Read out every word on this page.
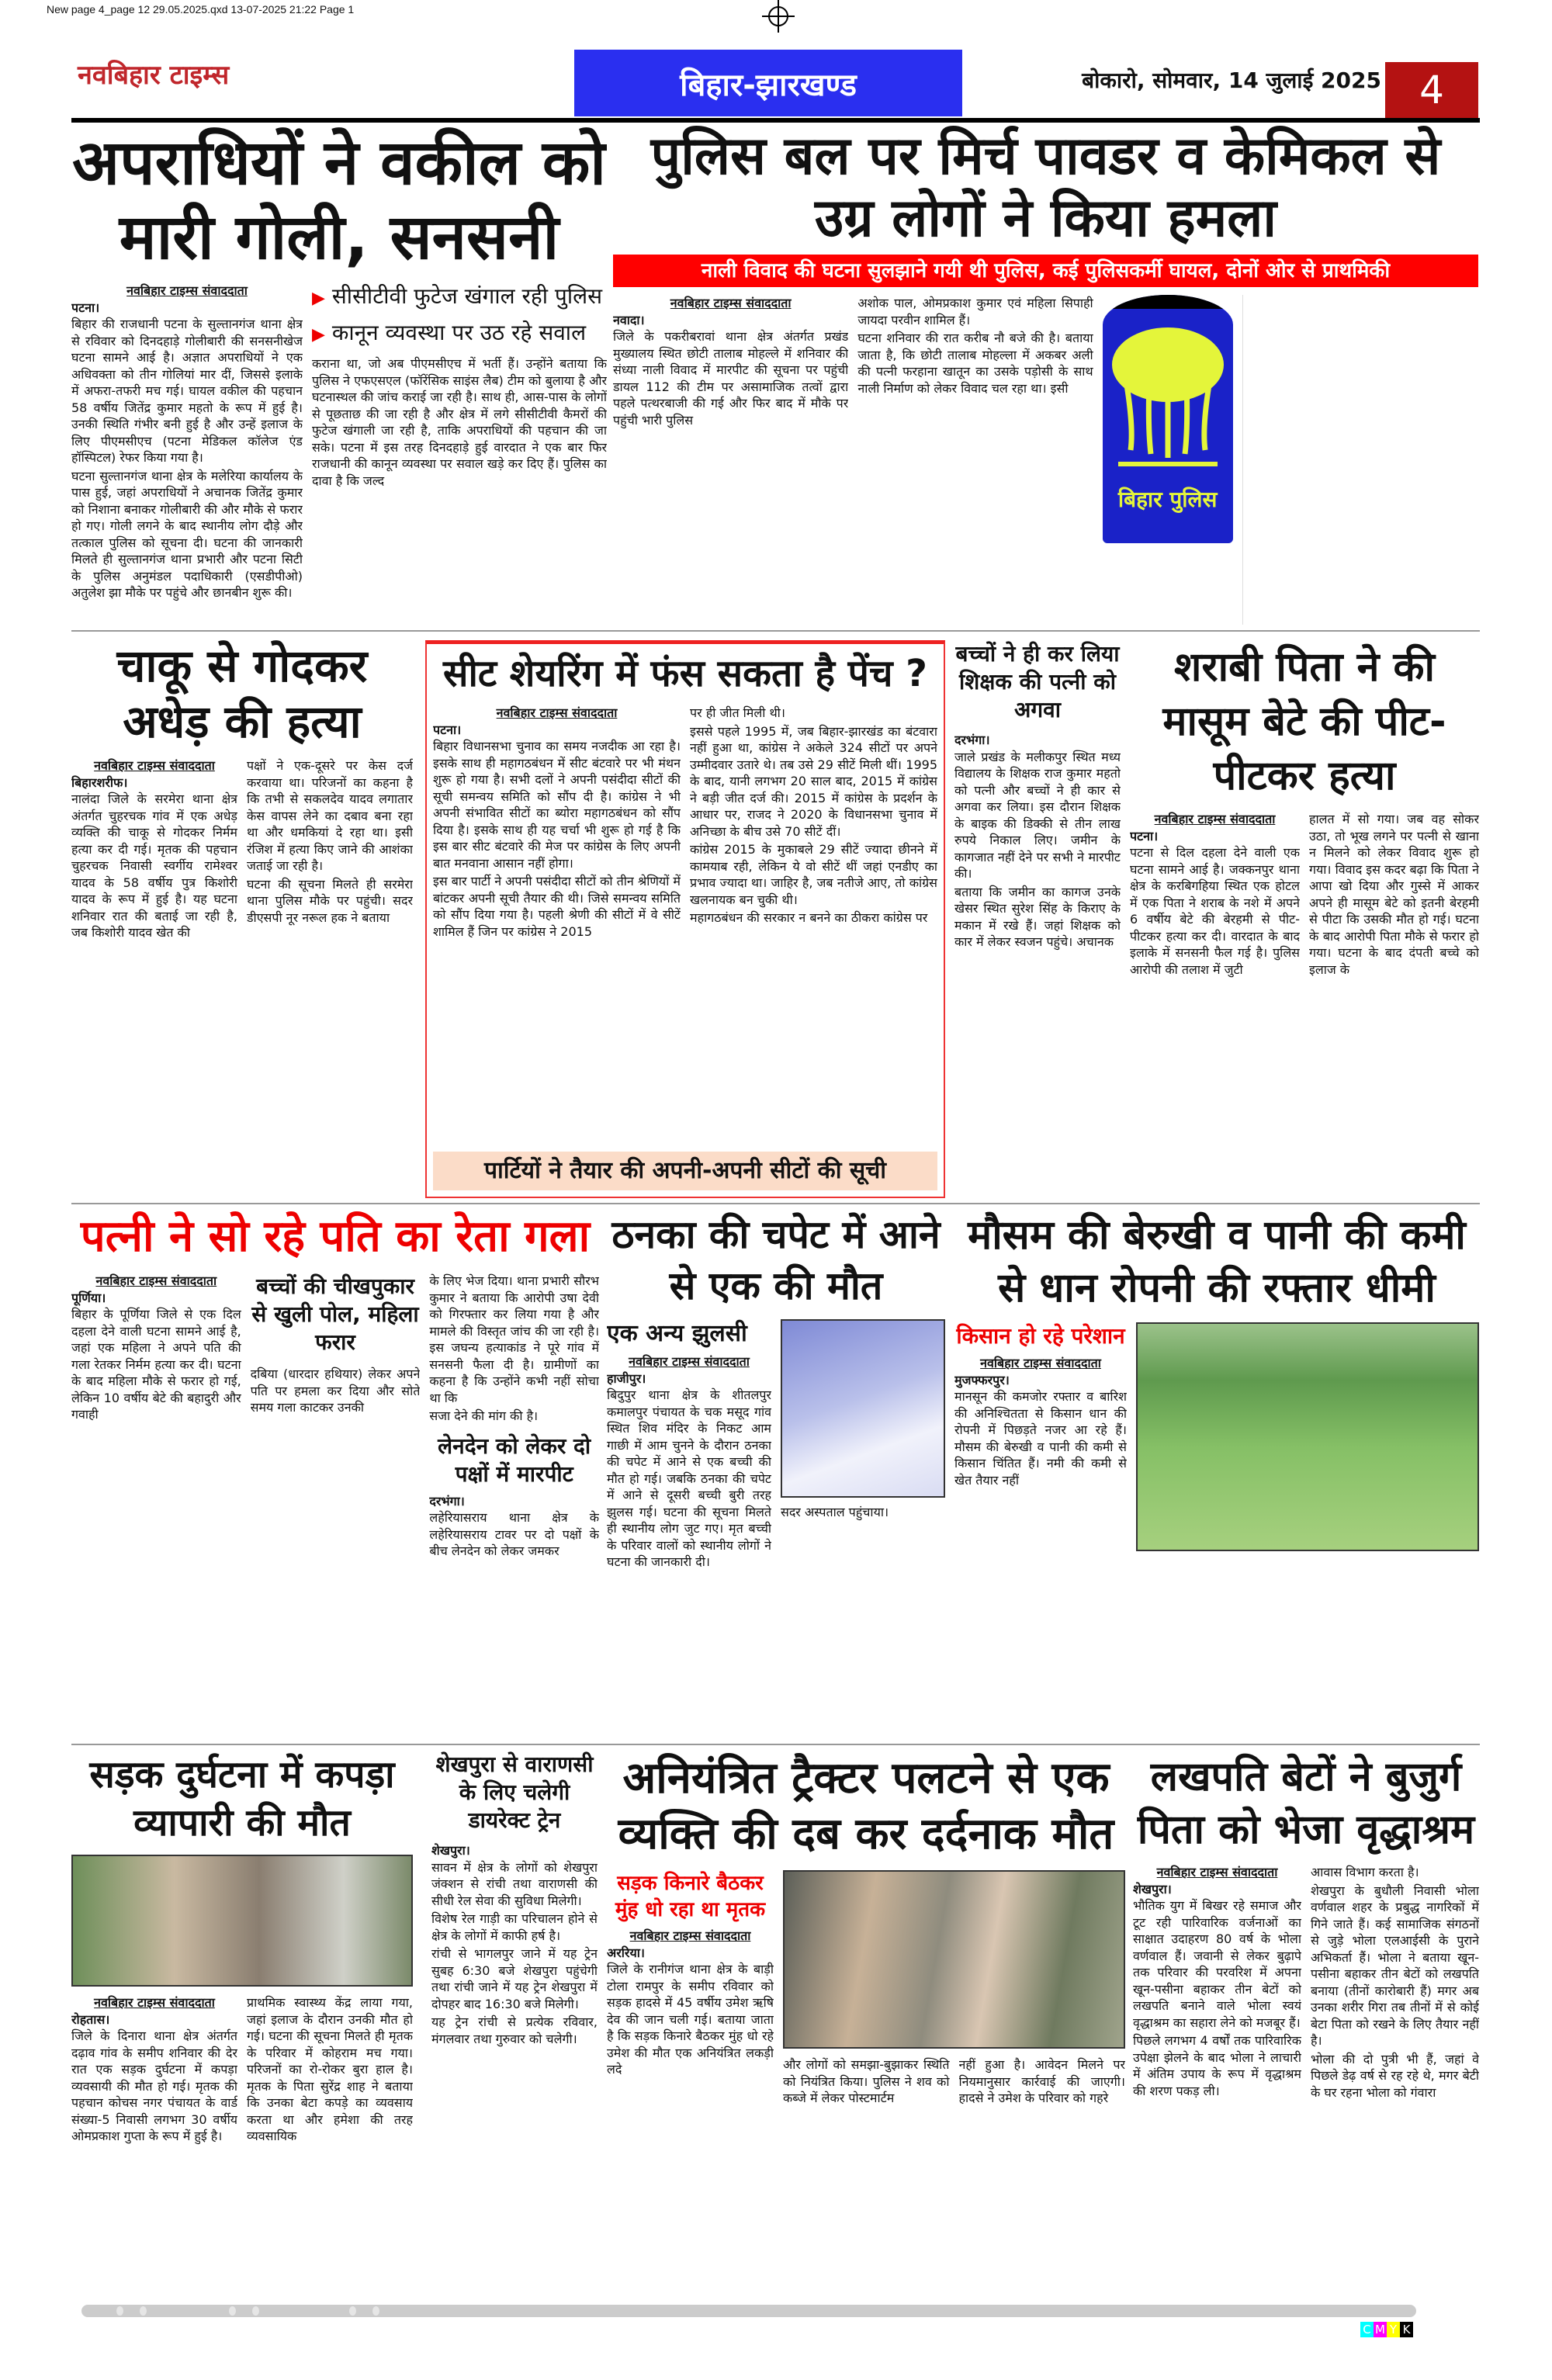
New page 4_page 12 29.05.2025.qxd 13-07-2025 21:22 Page 1
नवबिहार टाइम्स	बिहार-झारखण्ड	बोकारो, सोमवार, 14 जुलाई 2025 4
अपराधियों ने वकील को मारी गोली, सनसनी
नवबिहार टाइम्स संवाददाता
पटना।

बिहार की राजधानी पटना के सुल्तानगंज थाना क्षेत्र से रविवार को दिनदहाड़े गोलीबारी की सनसनीखेज घटना सामने आई है। अज्ञात अपराधियों ने एक अधिवक्ता को तीन गोलियां मार दीं, जिससे इलाके में अफरा-तफरी मच गई। घायल वकील की पहचान 58 वर्षीय जितेंद्र कुमार महतो के रूप में हुई है। उनकी स्थिति गंभीर बनी हुई है और उन्हें इलाज के लिए पीएमसीएच (पटना मेडिकल कॉलेज एंड हॉस्पिटल) रेफर किया गया है।

घटना सुल्तानगंज थाना क्षेत्र के मलेरिया कार्यालय के पास हुई, जहां अपराधियों ने अचानक जितेंद्र कुमार को निशाना बनाकर गोलीबारी की और मौके से फरार हो गए। गोली लगने के बाद स्थानीय लोग दौड़े और तत्काल पुलिस को सूचना दी। घटना की जानकारी मिलते ही सुल्तानगंज थाना प्रभारी और पटना सिटी के पुलिस अनुमंडल पदाधिकारी (एसडीपीओ) अतुलेश झा मौके पर पहुंचे और छानबीन शुरू की।

▶ सीसीटीवी फुटेज खंगाल रही पुलिस
▶ कानून व्यवस्था पर उठ रहे सवाल

कराना था, जो अब पीएमसीएच में भर्ती हैं। उन्होंने बताया कि पुलिस ने एफएसएल (फॉरेंसिक साइंस लैब) टीम को बुलाया है और घटनास्थल की जांच कराई जा रही है। साथ ही, आस-पास के लोगों से पूछताछ की जा रही है और क्षेत्र में लगे सीसीटीवी कैमरों की फुटेज खंगाली जा रही है, ताकि अपराधियों की पहचान की जा सके। पटना में इस तरह दिनदहाड़े हुई वारदात ने एक बार फिर राजधानी की कानून व्यवस्था पर सवाल खड़े कर दिए हैं। पुलिस का दावा है कि जल्द

पुलिस बल पर मिर्च पावडर व केमिकल से उग्र लोगों ने किया हमला
नाली विवाद की घटना सुलझाने गयी थी पुलिस, कई पुलिसकर्मी घायल, दोनों ओर से प्राथमिकी
नवबिहार टाइम्स संवाददाता
नवादा।

जिले के पकरीबरावां थाना क्षेत्र अंतर्गत प्रखंड मुख्यालय स्थित छोटी तालाब मोहल्ले में शनिवार की संध्या नाली विवाद में मारपीट की सूचना पर पहुंची डायल 112 की टीम पर असामाजिक तत्वों द्वारा पहले पत्थरबाजी की गई और फिर बाद में मौके पर पहुंची भारी पुलिस

अशोक पाल, ओमप्रकाश कुमार एवं महिला सिपाही जायदा परवीन शामिल हैं।

घटना शनिवार की रात करीब नौ बजे की है। बताया जाता है, कि छोटी तालाब मोहल्ला में अकबर अली की पत्नी फरहाना खातून का उसके पड़ोसी के साथ नाली निर्माण को लेकर विवाद चल रहा था। इसी

बिहार पुलिस
चाकू से गोदकर अधेड़ की हत्या
नवबिहार टाइम्स संवाददाता
बिहारशरीफ।

नालंदा जिले के सरमेरा थाना क्षेत्र अंतर्गत चुहरचक गांव में एक अधेड़ व्यक्ति की चाकू से गोदकर निर्मम हत्या कर दी गई। मृतक की पहचान चुहरचक निवासी स्वर्गीय रामेश्वर यादव के 58 वर्षीय पुत्र किशोरी यादव के रूप में हुई है। यह घटना शनिवार रात की बताई जा रही है, जब किशोरी यादव खेत की

पक्षों ने एक-दूसरे पर केस दर्ज करवाया था। परिजनों का कहना है कि तभी से सकलदेव यादव लगातार केस वापस लेने का दबाव बना रहा था और धमकियां दे रहा था। इसी रंजिश में हत्या किए जाने की आशंका जताई जा रही है।

घटना की सूचना मिलते ही सरमेरा थाना पुलिस मौके पर पहुंची। सदर डीएसपी नूर नरूल हक ने बताया

सीट शेयरिंग में फंस सकता है पेंच ?
नवबिहार टाइम्स संवाददाता
पटना।

बिहार विधानसभा चुनाव का समय नजदीक आ रहा है। इसके साथ ही महागठबंधन में सीट बंटवारे पर भी मंथन शुरू हो गया है। सभी दलों ने अपनी पसंदीदा सीटों की सूची समन्वय समिति को सौंप दी है। कांग्रेस ने भी अपनी संभावित सीटों का ब्योरा महागठबंधन को सौंप दिया है। इसके साथ ही यह चर्चा भी शुरू हो गई है कि इस बार सीट बंटवारे की मेज पर कांग्रेस के लिए अपनी बात मनवाना आसान नहीं होगा।

इस बार पार्टी ने अपनी पसंदीदा सीटों को तीन श्रेणियों में बांटकर अपनी सूची तैयार की थी। जिसे समन्वय समिति को सौंप दिया गया है। पहली श्रेणी की सीटों में वे सीटें शामिल हैं जिन पर कांग्रेस ने 2015

पर ही जीत मिली थी।

इससे पहले 1995 में, जब बिहार-झारखंड का बंटवारा नहीं हुआ था, कांग्रेस ने अकेले 324 सीटों पर अपने उम्मीदवार उतारे थे। तब उसे 29 सीटें मिली थीं। 1995 के बाद, यानी लगभग 20 साल बाद, 2015 में कांग्रेस ने बड़ी जीत दर्ज की। 2015 में कांग्रेस के प्रदर्शन के आधार पर, राजद ने 2020 के विधानसभा चुनाव में अनिच्छा के बीच उसे 70 सीटें दीं।

कांग्रेस 2015 के मुकाबले 29 सीटें ज्यादा छीनने में कामयाब रही, लेकिन ये वो सीटें थीं जहां एनडीए का प्रभाव ज्यादा था। जाहिर है, जब नतीजे आए, तो कांग्रेस खलनायक बन चुकी थी।

महागठबंधन की सरकार न बनने का ठीकरा कांग्रेस पर

पार्टियों ने तैयार की अपनी-अपनी सीटों की सूची
बच्चों ने ही कर लिया शिक्षक की पत्नी को अगवा
दरभंगा।

जाले प्रखंड के मलीकपुर स्थित मध्य विद्यालय के शिक्षक राज कुमार महतो को पत्नी और बच्चों ने ही कार से अगवा कर लिया। इस दौरान शिक्षक के बाइक की डिक्की से तीन लाख रुपये निकाल लिए। जमीन के कागजात नहीं देने पर सभी ने मारपीट की।

बताया कि जमीन का कागज उनके खेसर स्थित सुरेश सिंह के किराए के मकान में रखे हैं। जहां शिक्षक को कार में लेकर स्वजन पहुंचे। अचानक

शराबी पिता ने की मासूम बेटे की पीट-पीटकर हत्या
नवबिहार टाइम्स संवाददाता
पटना।

पटना से दिल दहला देने वाली एक घटना सामने आई है। जक्कनपुर थाना क्षेत्र के करबिगहिया स्थित एक होटल में एक पिता ने शराब के नशे में अपने 6 वर्षीय बेटे की बेरहमी से पीट-पीटकर हत्या कर दी। वारदात के बाद इलाके में सनसनी फैल गई है। पुलिस आरोपी की तलाश में जुटी

हालत में सो गया। जब वह सोकर उठा, तो भूख लगने पर पत्नी से खाना न मिलने को लेकर विवाद शुरू हो गया। विवाद इस कदर बढ़ा कि पिता ने आपा खो दिया और गुस्से में आकर अपने ही मासूम बेटे को इतनी बेरहमी से पीटा कि उसकी मौत हो गई। घटना के बाद आरोपी पिता मौके से फरार हो गया। घटना के बाद दंपती बच्चे को इलाज के

पत्नी ने सो रहे पति का रेता गला
नवबिहार टाइम्स संवाददाता
पूर्णिया।

बिहार के पूर्णिया जिले से एक दिल दहला देने वाली घटना सामने आई है, जहां एक महिला ने अपने पति की गला रेतकर निर्मम हत्या कर दी। घटना के बाद महिला मौके से फरार हो गई, लेकिन 10 वर्षीय बेटे की बहादुरी और गवाही

बच्चों की चीखपुकार से खुली पोल, महिला फरार

दबिया (धारदार हथियार) लेकर अपने पति पर हमला कर दिया और सोते समय गला काटकर उनकी

के लिए भेज दिया। थाना प्रभारी सौरभ कुमार ने बताया कि आरोपी उषा देवी को गिरफ्तार कर लिया गया है और मामले की विस्तृत जांच की जा रही है। इस जघन्य हत्याकांड ने पूरे गांव में सनसनी फैला दी है। ग्रामीणों का कहना है कि उन्होंने कभी नहीं सोचा था कि

सजा देने की मांग की है।

लेनदेन को लेकर दो पक्षों में मारपीट
दरभंगा।

लहेरियासराय थाना क्षेत्र के लहेरियासराय टावर पर दो पक्षों के बीच लेनदेन को लेकर जमकर

ठनका की चपेट में आने से एक की मौत
एक अन्य झुलसी
नवबिहार टाइम्स संवाददाता
हाजीपुर।

बिदुपुर थाना क्षेत्र के शीतलपुर कमालपुर पंचायत के चक मसूद गांव स्थित शिव मंदिर के निकट आम गाछी में आम चुनने के दौरान ठनका की चपेट में आने से एक बच्ची की मौत हो गई। जबकि ठनका की चपेट में आने से दूसरी बच्ची बुरी तरह झुलस गई। घटना की सूचना मिलते ही स्थानीय लोग जुट गए। मृत बच्ची के परिवार वालों को स्थानीय लोगों ने घटना की जानकारी दी।

सदर अस्पताल पहुंचाया।

मौसम की बेरुखी व पानी की कमी से धान रोपनी की रफ्तार धीमी
किसान हो रहे परेशान
नवबिहार टाइम्स संवाददाता
मुजफ्फरपुर।

मानसून की कमजोर रफ्तार व बारिश की अनिश्चितता से किसान धान की रोपनी में पिछड़ते नजर आ रहे हैं। मौसम की बेरुखी व पानी की कमी से किसान चिंतित हैं। नमी की कमी से खेत तैयार नहीं

सड़क दुर्घटना में कपड़ा व्यापारी की मौत
नवबिहार टाइम्स संवाददाता
रोहतास।

जिले के दिनारा थाना क्षेत्र अंतर्गत दढ़ाव गांव के समीप शनिवार की देर रात एक सड़क दुर्घटना में कपड़ा व्यवसायी की मौत हो गई। मृतक की पहचान कोचस नगर पंचायत के वार्ड संख्या-5 निवासी लगभग 30 वर्षीय ओमप्रकाश गुप्ता के रूप में हुई है।

प्राथमिक स्वास्थ्य केंद्र लाया गया, जहां इलाज के दौरान उनकी मौत हो गई। घटना की सूचना मिलते ही मृतक के परिवार में कोहराम मच गया। परिजनों का रो-रोकर बुरा हाल है। मृतक के पिता सुरेंद्र शाह ने बताया कि उनका बेटा कपड़े का व्यवसाय करता था और हमेशा की तरह व्यवसायिक

शेखपुरा से वाराणसी के लिए चलेगी डायरेक्ट ट्रेन
शेखपुरा।

सावन में क्षेत्र के लोगों को शेखपुरा जंक्शन से रांची तथा वाराणसी की सीधी रेल सेवा की सुविधा मिलेगी।

विशेष रेल गाड़ी का परिचालन होने से क्षेत्र के लोगों में काफी हर्ष है।

रांची से भागलपुर जाने में यह ट्रेन सुबह 6:30 बजे शेखपुरा पहुंचेगी तथा रांची जाने में यह ट्रेन शेखपुरा में दोपहर बाद 16:30 बजे मिलेगी।

यह ट्रेन रांची से प्रत्येक रविवार, मंगलवार तथा गुरुवार को चलेगी।

अनियंत्रित ट्रैक्टर पलटने से एक व्यक्ति की दब कर दर्दनाक मौत
सड़क किनारे बैठकर मुंह धो रहा था मृतक
नवबिहार टाइम्स संवाददाता
अररिया।

जिले के रानीगंज थाना क्षेत्र के बाड़ी टोला रामपुर के समीप रविवार को सड़क हादसे में 45 वर्षीय उमेश ऋषि देव की जान चली गई। बताया जाता है कि सड़क किनारे बैठकर मुंह धो रहे उमेश की मौत एक अनियंत्रित लकड़ी लदे	और लोगों को समझा-बुझाकर स्थिति को नियंत्रित किया। पुलिस ने शव को कब्जे में लेकर पोस्टमार्टम

नहीं हुआ है। आवेदन मिलने पर नियमानुसार कार्रवाई की जाएगी। हादसे ने उमेश के परिवार को गहरे

लखपति बेटों ने बुजुर्ग पिता को भेजा वृद्धाश्रम
नवबिहार टाइम्स संवाददाता
शेखपुरा।

भौतिक युग में बिखर रहे समाज और टूट रही पारिवारिक वर्जनाओं का साक्षात उदाहरण 80 वर्ष के भोला वर्णवाल हैं। जवानी से लेकर बुढ़ापे तक परिवार की परवरिश में अपना खून-पसीना बहाकर तीन बेटों को लखपति बनाने वाले भोला स्वयं वृद्धाश्रम का सहारा लेने को मजबूर हैं।

पिछले लगभग 4 वर्षों तक पारिवारिक उपेक्षा झेलने के बाद भोला ने लाचारी में अंतिम उपाय के रूप में वृद्धाश्रम की शरण पकड़ ली।

आवास विभाग करता है।

शेखपुरा के बुधौली निवासी भोला वर्णवाल शहर के प्रबुद्ध नागरिकों में गिने जाते हैं। कई सामाजिक संगठनों से जुड़े भोला एलआईसी के पुराने अभिकर्ता हैं। भोला ने बताया खून-पसीना बहाकर तीन बेटों को लखपति बनाया (तीनों कारोबारी हैं) मगर अब उनका शरीर गिरा तब तीनों में से कोई बेटा पिता को रखने के लिए तैयार नहीं है।

भोला की दो पुत्री भी हैं, जहां वे पिछले डेढ़ वर्ष से रह रहे थे, मगर बेटी के घर रहना भोला को गंवारा

C M Y K
